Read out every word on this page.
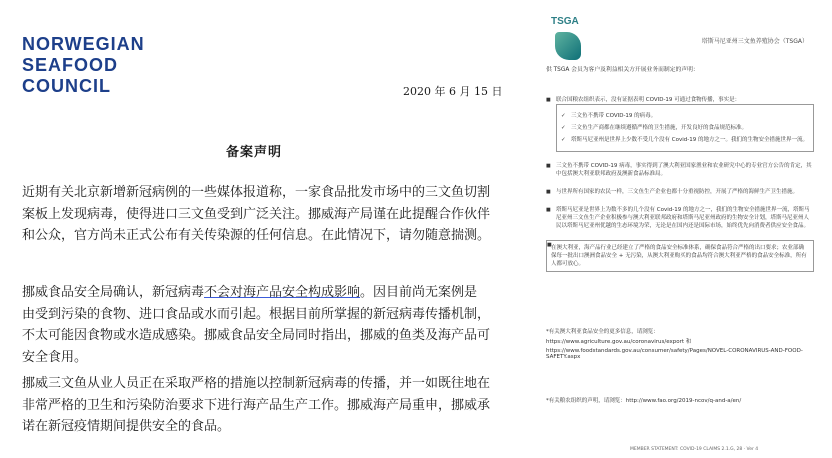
NORWEGIAN
SEAFOOD
COUNCIL	2020 年 6 月 15 日
备案声明
近期有关北京新增新冠病例的一些媒体报道称，一家食品批发市场中的三文鱼切割案板上发现病毒，使得进口三文鱼受到广泛关注。挪威海产局谨在此提醒合作伙伴和公众，官方尚未正式公布有关传染源的任何信息。在此情况下，请勿随意揣测。
挪威食品安全局确认，新冠病毒不会对海产品安全构成影响。因目前尚无案例是由受到污染的食物、进口食品或水而引起。根据目前所掌握的新冠病毒传播机制，不太可能因食物或水造成感染。挪威食品安全局同时指出，挪威的鱼类及海产品可安全食用。
挪威三文鱼从业人员正在采取严格的措施以控制新冠病毒的传播，并一如既往地在非常严格的卫生和污染防治要求下进行海产品生产工作。挪威海产局重申，挪威承诺在新冠疫情期间提供安全的食品。
TSGA
塔斯马尼亚州三文鱼养殖协会（TSGA）
供 TSGA 会员为客户及利益相关方开展业务而制定的声明：
■ 联合国粮农组织表示，没有证据表明 COVID-19 可通过食物传播，事实是：
✓ 三文鱼不携带 COVID-19 的病毒。
✓ 三文鱼生产商都在继续遵循严格的卫生措施，开发良好的食品规范标准。
✓ 塔斯马尼亚州是世界上少数不受几个没有 Covid-19 的地方之一。我们的生物安全措施世界一流。
■ 三文鱼不携带 COVID-19 病毒，事实得到了澳大利亚国家渔业和农业研究中心的专业官方公告的肯定，其中包括澳大利亚联邦政府及澳新食品标准局。
■ 与世界所有国家的农民一样，三文鱼生产企业也都十分重视防控，开展了严格的海鲜生产卫生措施。
■ 塔斯马尼亚是世界上为数不多的几个没有 Covid-19 的地方之一，我们的生物安全措施世界一流，塔斯马尼亚州三文鱼生产企业积极参与澳大利亚联邦政府和塔斯马尼亚州政府的生物安全计划，塔斯马尼亚州人民以塔斯马尼亚州优越的生态环境为荣，无论是在国内还是国际市场，始终优先向消费者供应安全食品。
■ 在澳大利亚，海产品行业已经建立了严格的食品安全标准体系，确保食品符合严格的出口要求；农业部确保每一批出口澳洲食品安全 + 无污染，从澳大利亚购买的食品均符合澳大利亚严格的食品安全标准，所有人都可放心。
*有关澳大利亚食品安全的更多信息，请浏览：
https://www.agriculture.gov.au/coronavirus/export 和
https://www.foodstandards.gov.au/consumer/safety/Pages/NOVEL-CORONAVIRUS-AND-FOOD-SAFETY.aspx
*有关粮农组织的声明，请浏览：http://www.fao.org/2019-ncov/q-and-a/en/
MEMBER STATEMENT: COVID-19 CLAIMS 2.1.G, 28 · Ver 4
